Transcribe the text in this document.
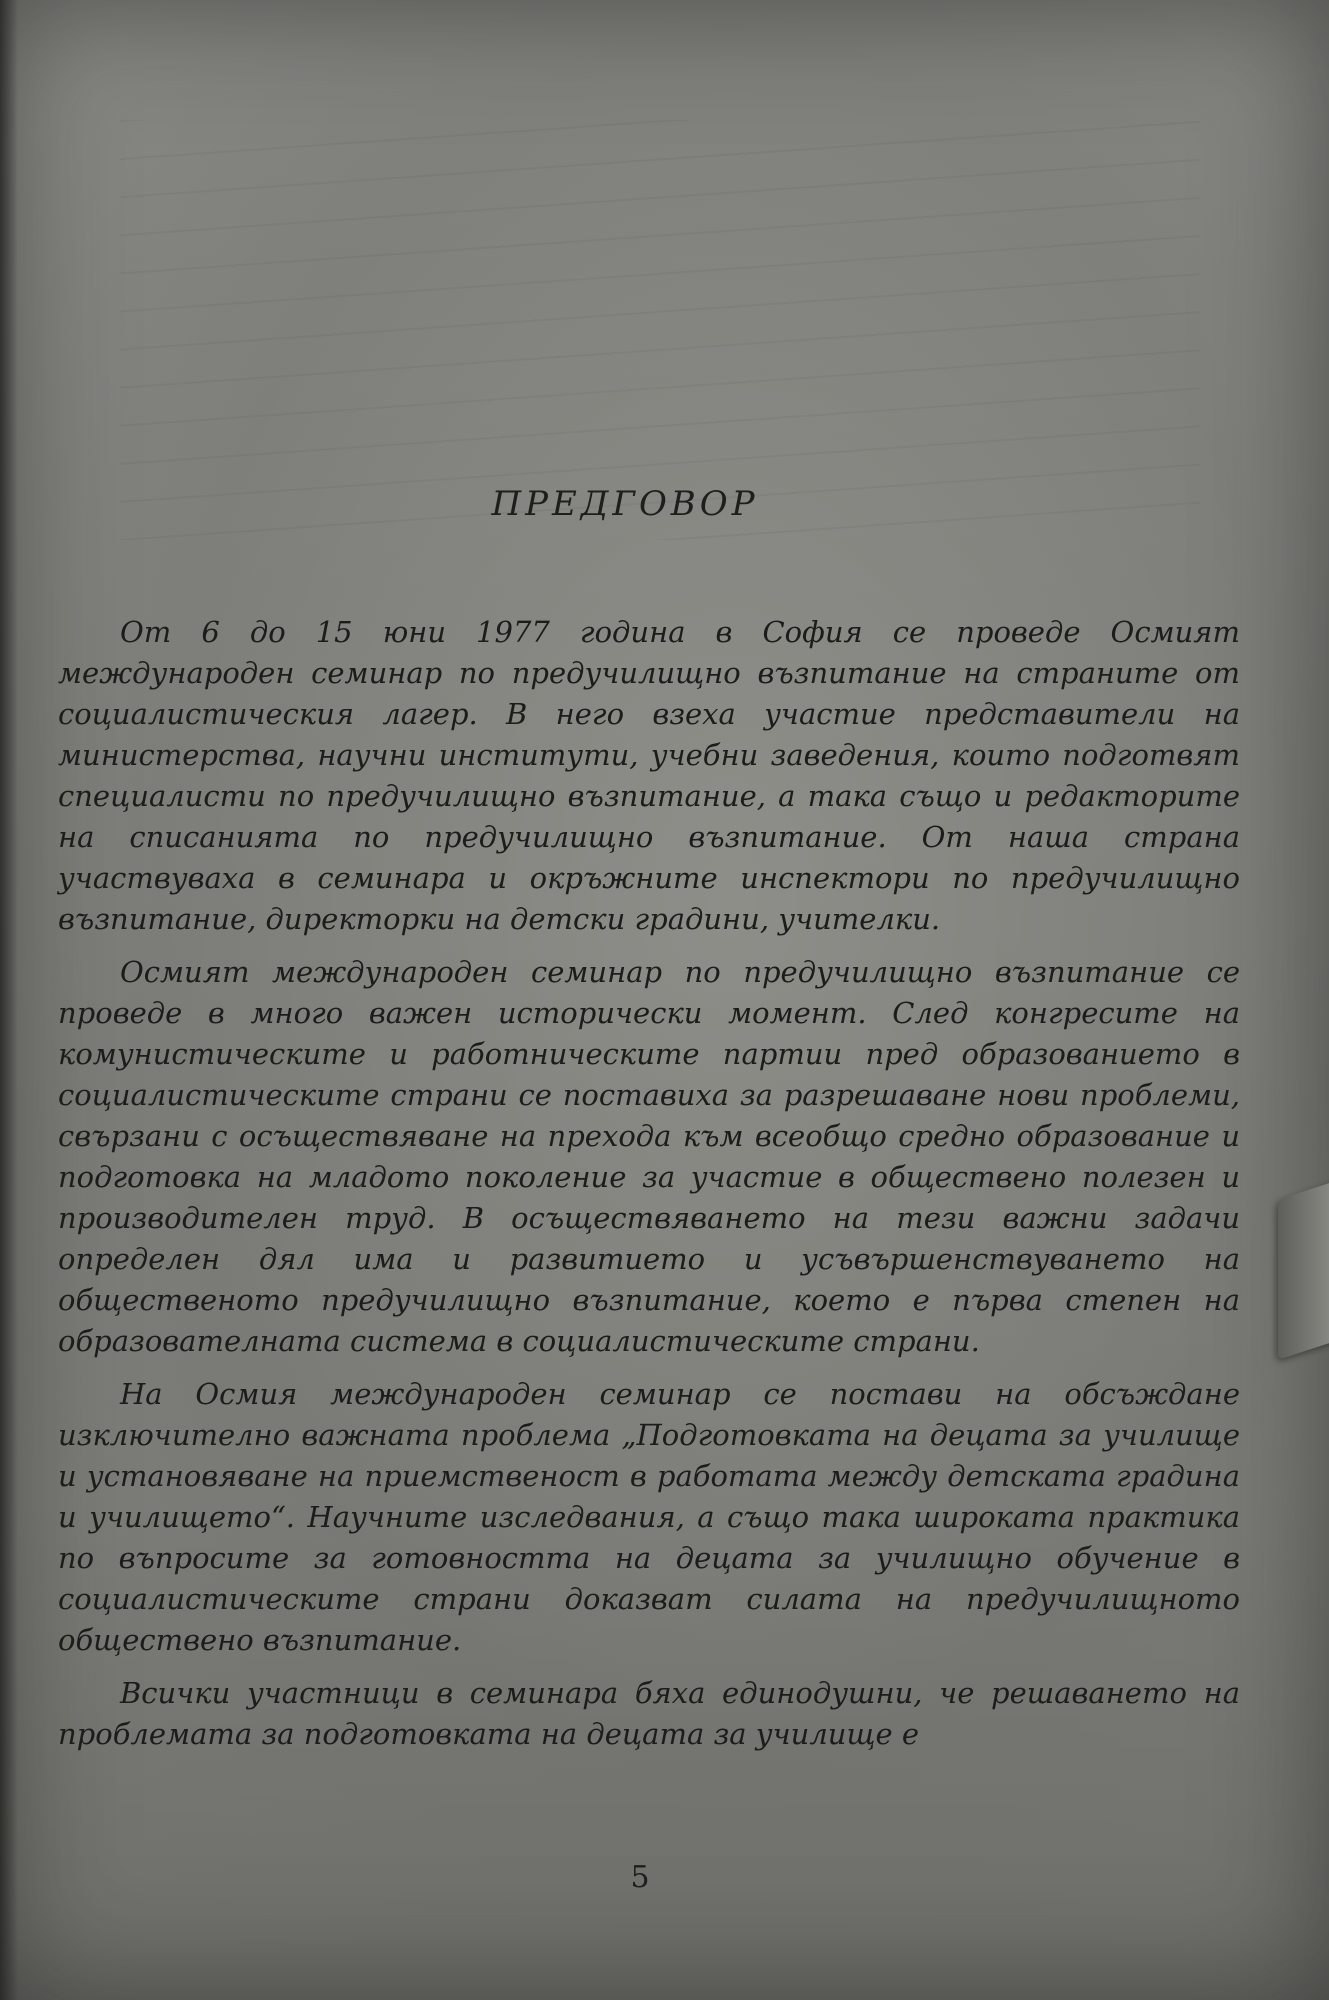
ПРЕДГОВОР

От 6 до 15 юни 1977 година в София се проведе Осмият международен семинар по предучилищно възпитание на страните от социалистическия лагер. В него взеха участие представители на министерства, научни институти, учебни заведения, които подготвят специалисти по предучилищно възпитание, а така също и редакторите на списанията по предучилищно възпитание. От наша страна участвуваха в семинара и окръжните инспектори по предучилищно възпитание, директорки на детски градини, учителки.

Осмият международен семинар по предучилищно възпитание се проведе в много важен исторически момент. След конгресите на комунистическите и работническите партии пред образованието в социалистическите страни се поставиха за разрешаване нови проблеми, свързани с осъществяване на прехода към всеобщо средно образование и подготовка на младото поколение за участие в обществено полезен и производителен труд. В осъществяването на тези важни задачи определен дял има и развитието и усъвършенствуването на общественото предучилищно възпитание, което е първа степен на образователната система в социалистическите страни.

На Осмия международен семинар се постави на обсъждане изключително важната проблема „Подготовката на децата за училище и установяване на приемственост в работата между детската градина и училището“. Научните изследвания, а също така широката практика по въпросите за готовността на децата за училищно обучение в социалистическите страни доказват силата на предучилищното обществено възпитание.

Всички участници в семинара бяха единодушни, че решаването на проблемата за подготовката на децата за училище е

5
